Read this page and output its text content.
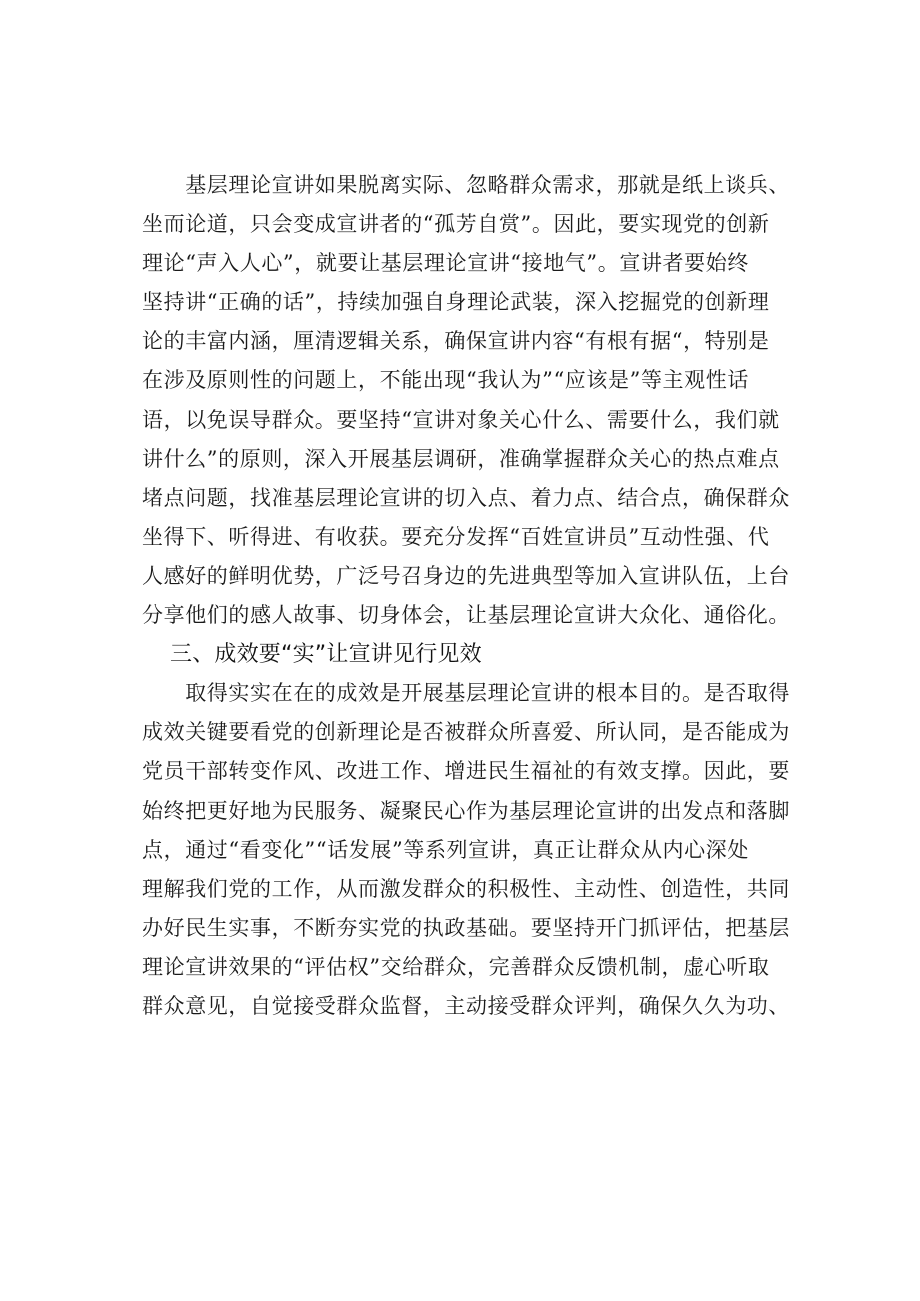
　　基层理论宣讲如果脱离实际、忽略群众需求，那就是纸上谈兵、
坐而论道，只会变成宣讲者的“孤芳自赏”。因此，要实现党的创新
理论“声入人心”，就要让基层理论宣讲“接地气”。宣讲者要始终
坚持讲“正确的话”，持续加强自身理论武装，深入挖掘党的创新理
论的丰富内涵，厘清逻辑关系，确保宣讲内容“有根有据“，特别是
在涉及原则性的问题上，不能出现“我认为”“应该是”等主观性话
语，以免误导群众。要坚持“宣讲对象关心什么、需要什么，我们就
讲什么”的原则，深入开展基层调研，准确掌握群众关心的热点难点
堵点问题，找准基层理论宣讲的切入点、着力点、结合点，确保群众
坐得下、听得进、有收获。要充分发挥“百姓宣讲员”互动性强、代
人感好的鲜明优势，广泛号召身边的先进典型等加入宣讲队伍，上台
分享他们的感人故事、切身体会，让基层理论宣讲大众化、通俗化。

三、成效要“实”让宣讲见行见效

　　取得实实在在的成效是开展基层理论宣讲的根本目的。是否取得
成效关键要看党的创新理论是否被群众所喜爱、所认同，是否能成为
党员干部转变作风、改进工作、增进民生福祉的有效支撑。因此，要
始终把更好地为民服务、凝聚民心作为基层理论宣讲的出发点和落脚
点，通过“看变化”“话发展”等系列宣讲，真正让群众从内心深处
理解我们党的工作，从而激发群众的积极性、主动性、创造性，共同
办好民生实事，不断夯实党的执政基础。要坚持开门抓评估，把基层
理论宣讲效果的“评估权”交给群众，完善群众反馈机制，虚心听取
群众意见，自觉接受群众监督，主动接受群众评判，确保久久为功、
